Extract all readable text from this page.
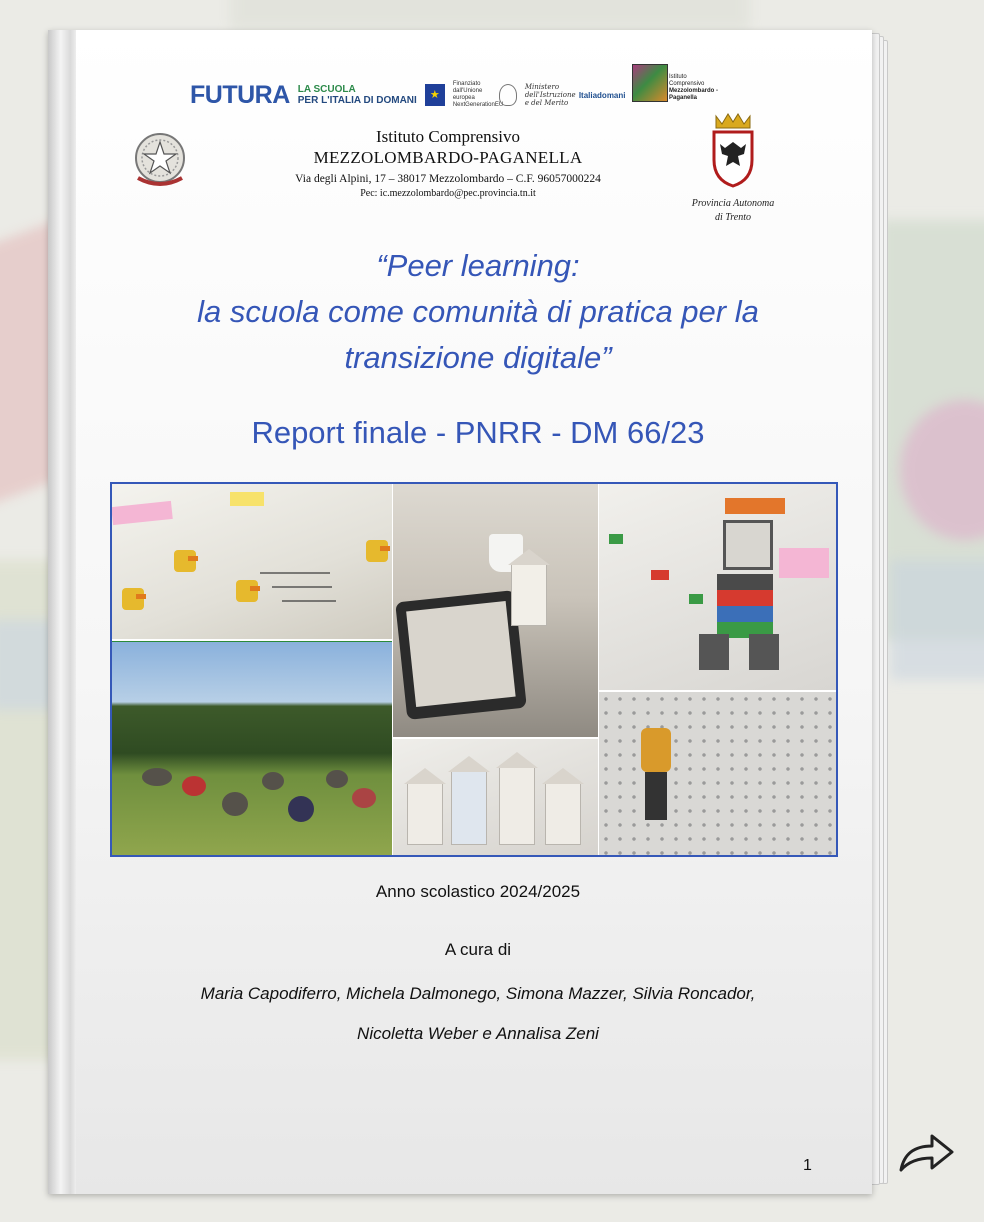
FUTURA LA SCUOLA
PER L'ITALIA DI DOMANI
★
Finanziato dall'Unione europea NextGenerationEU
Ministero dell'Istruzione e del Merito
Italiadomani
Istituto
Comprensivo
Mezzolombardo - Paganella
Istituto Comprensivo
MEZZOLOMBARDO-PAGANELLA
Via degli Alpini, 17 – 38017 Mezzolombardo – C.F. 96057000224
Pec: ic.mezzolombardo@pec.provincia.tn.it
Provincia Autonoma
di Trento
“Peer learning:
la scuola come comunità di pratica per la
transizione digitale”
Report finale - PNRR - DM 66/23
Anno scolastico 2024/2025
A cura di
Maria Capodiferro, Michela Dalmonego, Simona Mazzer, Silvia Roncador,
Nicoletta Weber e Annalisa Zeni
1
